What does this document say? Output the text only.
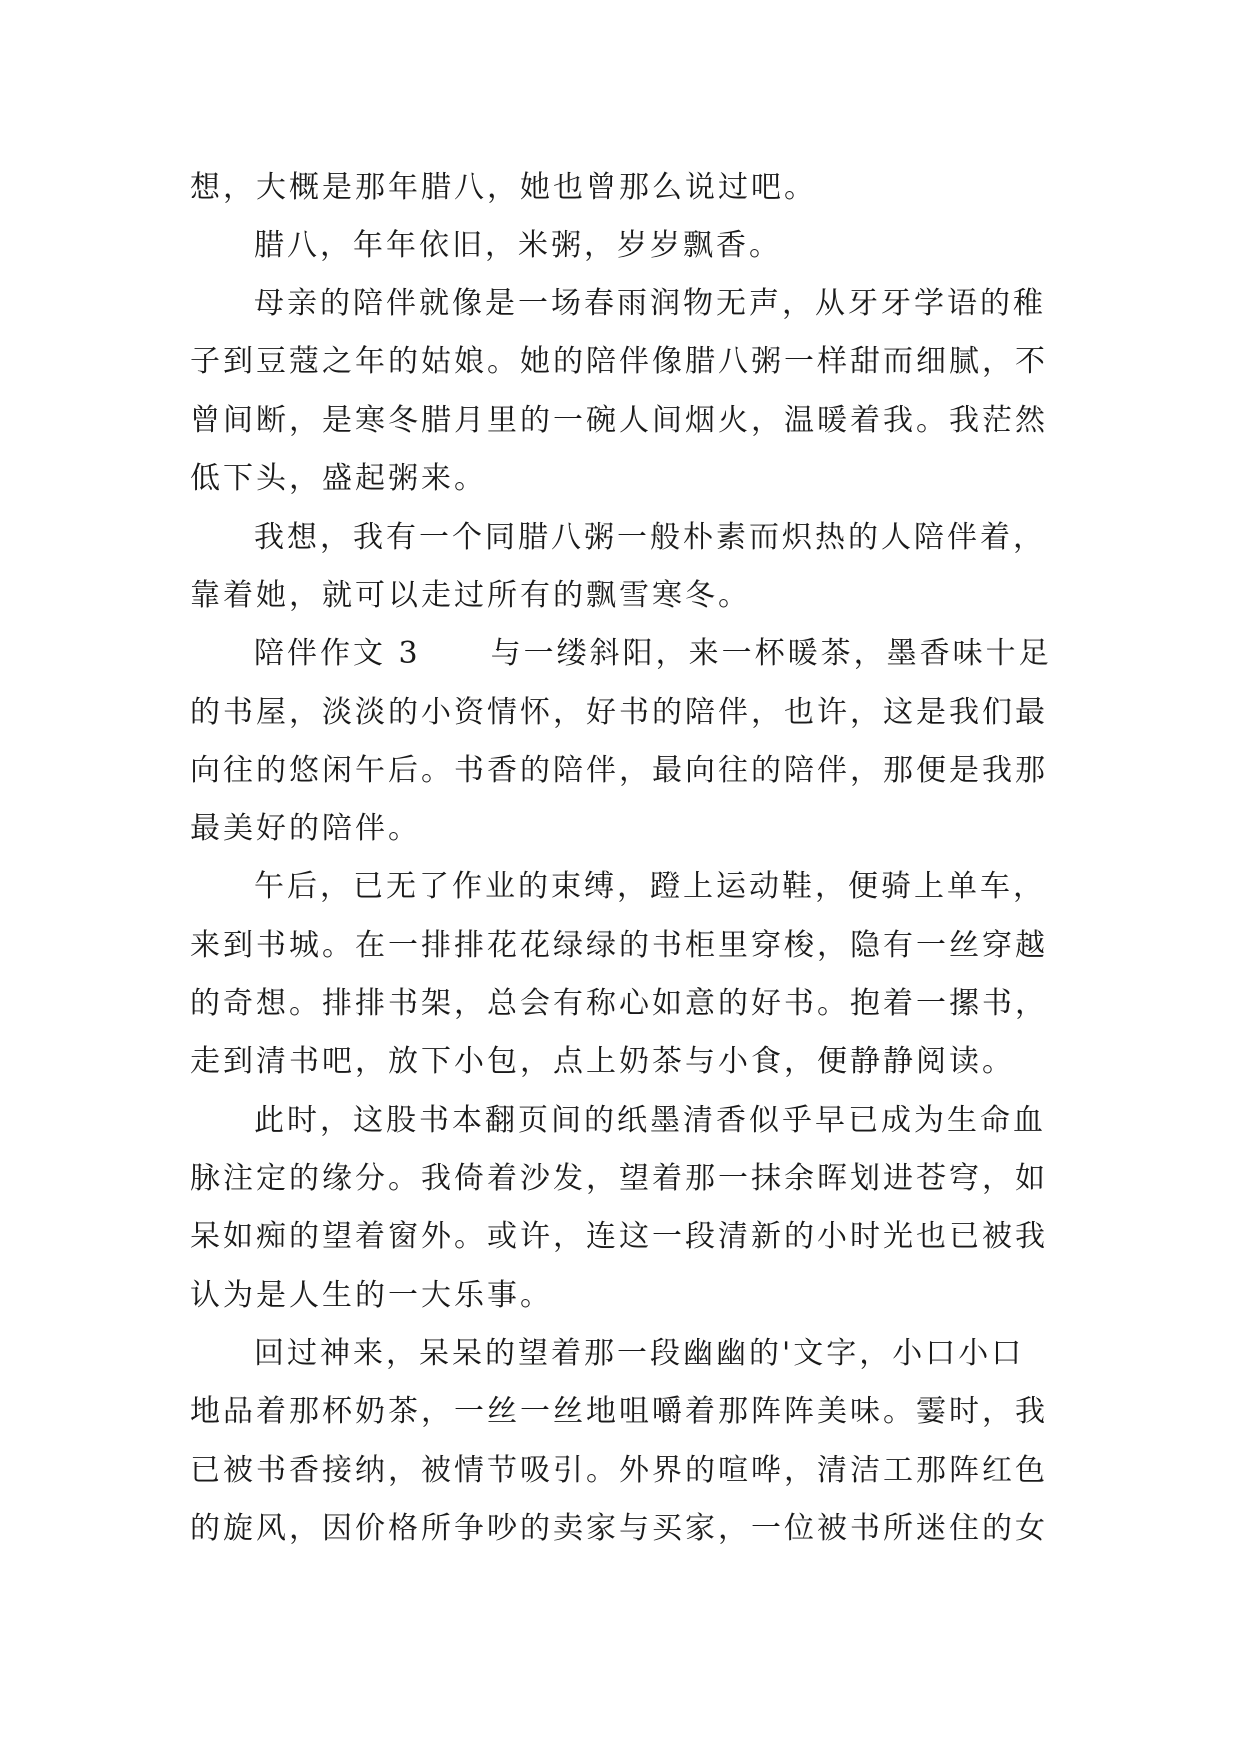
想，大概是那年腊八，她也曾那么说过吧。
腊八，年年依旧，米粥，岁岁飘香。
母亲的陪伴就像是一场春雨润物无声，从牙牙学语的稚
子到豆蔻之年的姑娘。她的陪伴像腊八粥一样甜而细腻，不
曾间断，是寒冬腊月里的一碗人间烟火，温暖着我。我茫然
低下头，盛起粥来。
我想，我有一个同腊八粥一般朴素而炽热的人陪伴着，
靠着她，就可以走过所有的飘雪寒冬。
陪伴作文 3 与一缕斜阳，来一杯暖茶，墨香味十足
的书屋，淡淡的小资情怀，好书的陪伴，也许，这是我们最
向往的悠闲午后。书香的陪伴，最向往的陪伴，那便是我那
最美好的陪伴。
午后，已无了作业的束缚，蹬上运动鞋，便骑上单车，
来到书城。在一排排花花绿绿的书柜里穿梭，隐有一丝穿越
的奇想。排排书架，总会有称心如意的好书。抱着一摞书，
走到清书吧，放下小包，点上奶茶与小食，便静静阅读。
此时，这股书本翻页间的纸墨清香似乎早已成为生命血
脉注定的缘分。我倚着沙发，望着那一抹余晖划进苍穹，如
呆如痴的望着窗外。或许，连这一段清新的小时光也已被我
认为是人生的一大乐事。
回过神来，呆呆的望着那一段幽幽的'文字，小口小口
地品着那杯奶茶，一丝一丝地咀嚼着那阵阵美味。霎时，我
已被书香接纳，被情节吸引。外界的喧哗，清洁工那阵红色
的旋风，因价格所争吵的卖家与买家，一位被书所迷住的女
